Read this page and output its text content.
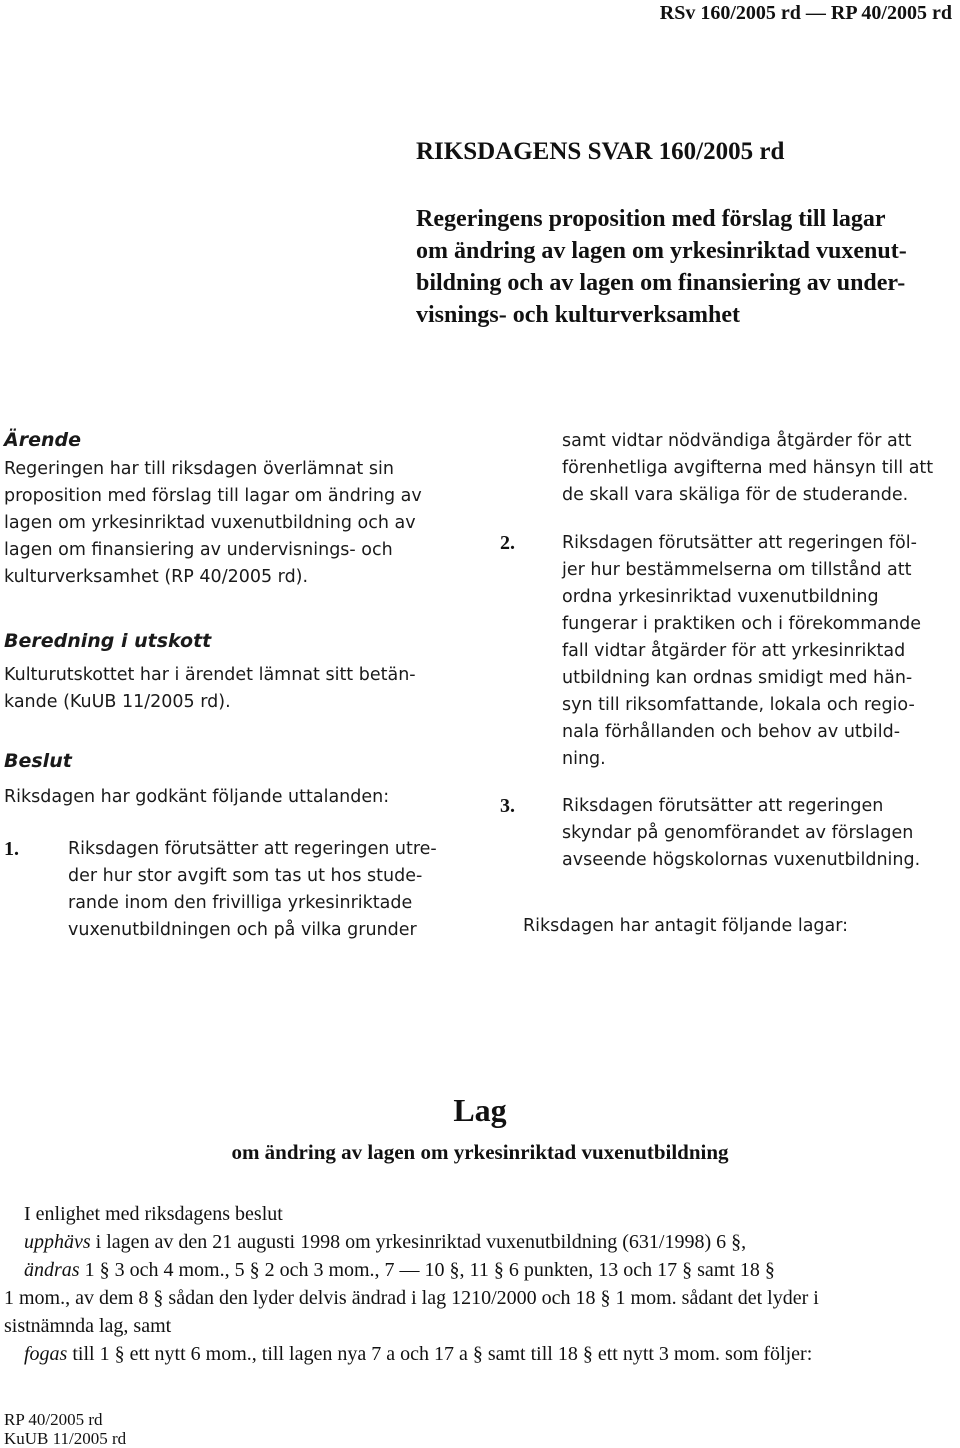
RSv 160/2005 rd — RP 40/2005 rd
RIKSDAGENS SVAR 160/2005 rd
Regeringens proposition med förslag till lagar
om ändring av lagen om yrkesinriktad vuxenut-
bildning och av lagen om finansiering av under-
visnings- och kulturverksamhet
Ärende
Regeringen har till riksdagen överlämnat sin
proposition med förslag till lagar om ändring av
lagen om yrkesinriktad vuxenutbildning och av
lagen om finansiering av undervisnings- och
kulturverksamhet (RP 40/2005 rd).
Beredning i utskott
Kulturutskottet har i ärendet lämnat sitt betän-
kande (KuUB 11/2005 rd).
Beslut
Riksdagen har godkänt följande uttalanden:
1.	Riksdagen förutsätter att regeringen utre-
der hur stor avgift som tas ut hos stude-
rande inom den frivilliga yrkesinriktade
vuxenutbildningen och på vilka grunder
samt vidtar nödvändiga åtgärder för att
förenhetliga avgifterna med hänsyn till att
de skall vara skäliga för de studerande.
2.	Riksdagen förutsätter att regeringen föl-
jer hur bestämmelserna om tillstånd att
ordna yrkesinriktad vuxenutbildning
fungerar i praktiken och i förekommande
fall vidtar åtgärder för att yrkesinriktad
utbildning kan ordnas smidigt med hän-
syn till riksomfattande, lokala och regio-
nala förhållanden och behov av utbild-
ning.
3.	Riksdagen förutsätter att regeringen
skyndar på genomförandet av förslagen
avseende högskolornas vuxenutbildning.
Riksdagen har antagit följande lagar:
Lag
om ändring av lagen om yrkesinriktad vuxenutbildning
I enlighet med riksdagens beslut
upphävs i lagen av den 21 augusti 1998 om yrkesinriktad vuxenutbildning (631/1998) 6 §,
ändras 1 § 3 och 4 mom., 5 § 2 och 3 mom., 7 — 10 §, 11 § 6 punkten, 13 och 17 § samt 18 §
1 mom., av dem 8 § sådan den lyder delvis ändrad i lag 1210/2000 och 18 § 1 mom. sådant det lyder i
sistnämnda lag, samt
fogas till 1 § ett nytt 6 mom., till lagen nya 7 a och 17 a § samt till 18 § ett nytt 3 mom. som följer:
RP 40/2005 rd
KuUB 11/2005 rd
